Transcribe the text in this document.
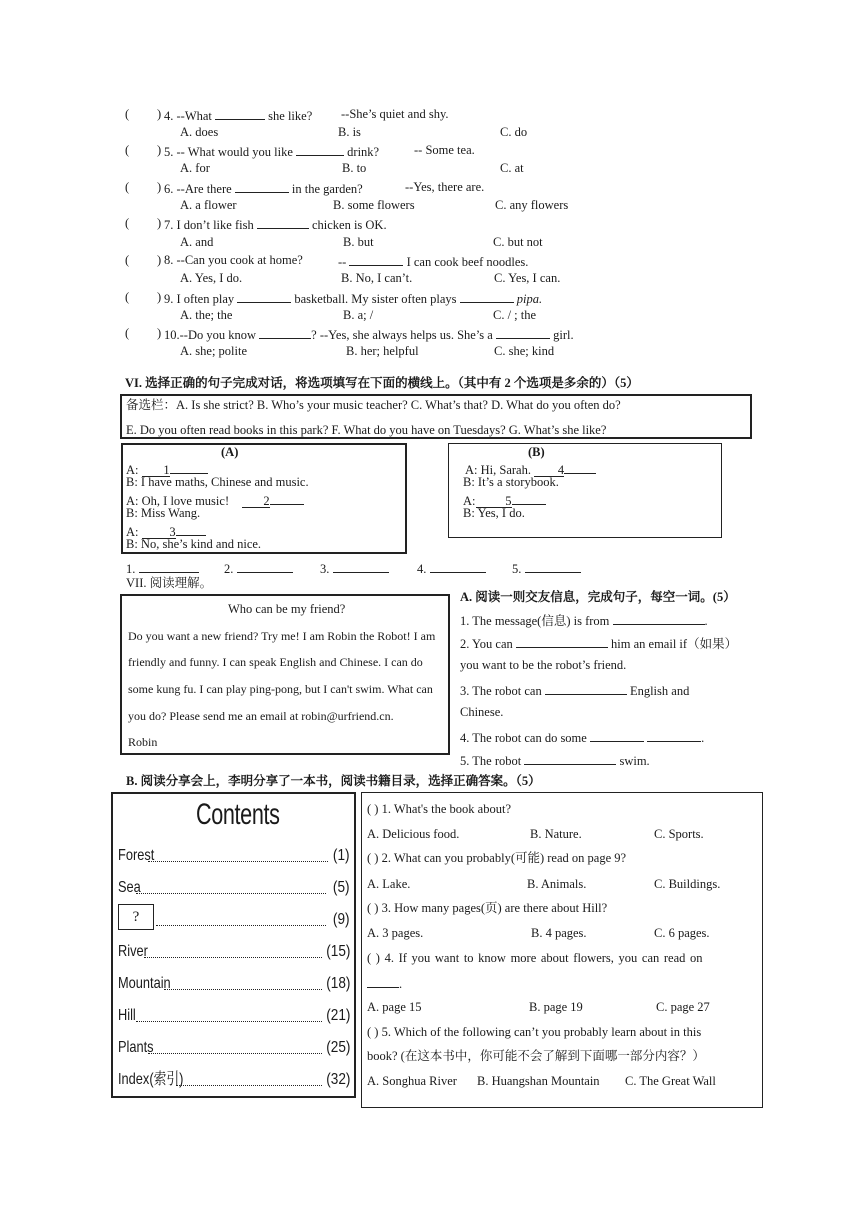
( ) 4. --What	she like? --She’s quiet and shy.
A. does	B. is	C. do
( ) 5. -- What would you like	drink?	-- Some tea.
A. for	B. to	C. at
( ) 6. --Are there	in the garden?	--Yes, there are.
A. a flower	B. some flowers	C. any flowers
( ) 7. I don’t like fish	chicken is OK.
A. and	B. but	C. but not
( ) 8. --Can you cook at home?	--	I can cook beef noodles.
A. Yes, I do.	B. No, I can’t.	C. Yes, I can.
( ) 9. I often play	basketball. My sister often plays	pipa.
A. the; the	B. a; /	C. / ; the
( ) 10.--Do you know	? --Yes, she always helps us. She’s a	girl.
A. she; polite	B. her; helpful	C. she; kind
VI. 选择正确的句子完成对话，将选项填写在下面的横线上。（其中有 2 个选项是多余的）（5）
备选栏：A. Is she strict? B. Who’s your music teacher? C. What’s that? D. What do you often do?
E. Do you often read books in this park? F. What do you have on Tuesdays? G. What’s she like?
(A)
A: 1
B: I have maths, Chinese and music.
A: Oh, I love music!	2
B: Miss Wang.
A: 3
B: No, she’s kind and nice.
(B)
A: Hi, Sarah. 4
B: It’s a storybook.
A: 5
B: Yes, I do.
1.	2.	3.	4.	5.
VII. 阅读理解。
Who can be my friend?
Do you want a new friend? Try me! I am Robin the Robot! I am
friendly and funny. I can speak English and Chinese. I can do
some kung fu. I can play ping-pong, but I can't swim. What can
you do? Please send me an email at robin@urfriend.cn.
Robin
A. 阅读一则交友信息，完成句子，每空一词。(5）
1. The message(信息) is from	.
2. You can	him an email if（如果）
you want to be the robot’s friend.
3. The robot can	English and
Chinese.
4. The robot can do some	.
5. The robot	swim.
B. 阅读分享会上，李明分享了一本书，阅读书籍目录，选择正确答案。（5）
Contents
Forest	(1)
Sea	(5)
?	(9)
River	(15)
Mountain	(18)
Hill	(21)
Plants	(25)
Index(索引)	(32)
( ) 1. What's the book about?
A. Delicious food.	B. Nature.	C. Sports.
( ) 2. What can you probably(可能) read on page 9?
A. Lake.	B. Animals.	C. Buildings.
( ) 3. How many pages(页) are there about Hill?
A. 3 pages.	B. 4 pages.	C. 6 pages.
( ) 4. If you want to know more about flowers, you can read on
.
A. page 15	B. page 19	C. page 27
( ) 5. Which of the following can’t you probably learn about in this
book? (在这本书中，你可能不会了解到下面哪一部分内容？）
A. Songhua River B. Huangshan Mountain C. The Great Wall
